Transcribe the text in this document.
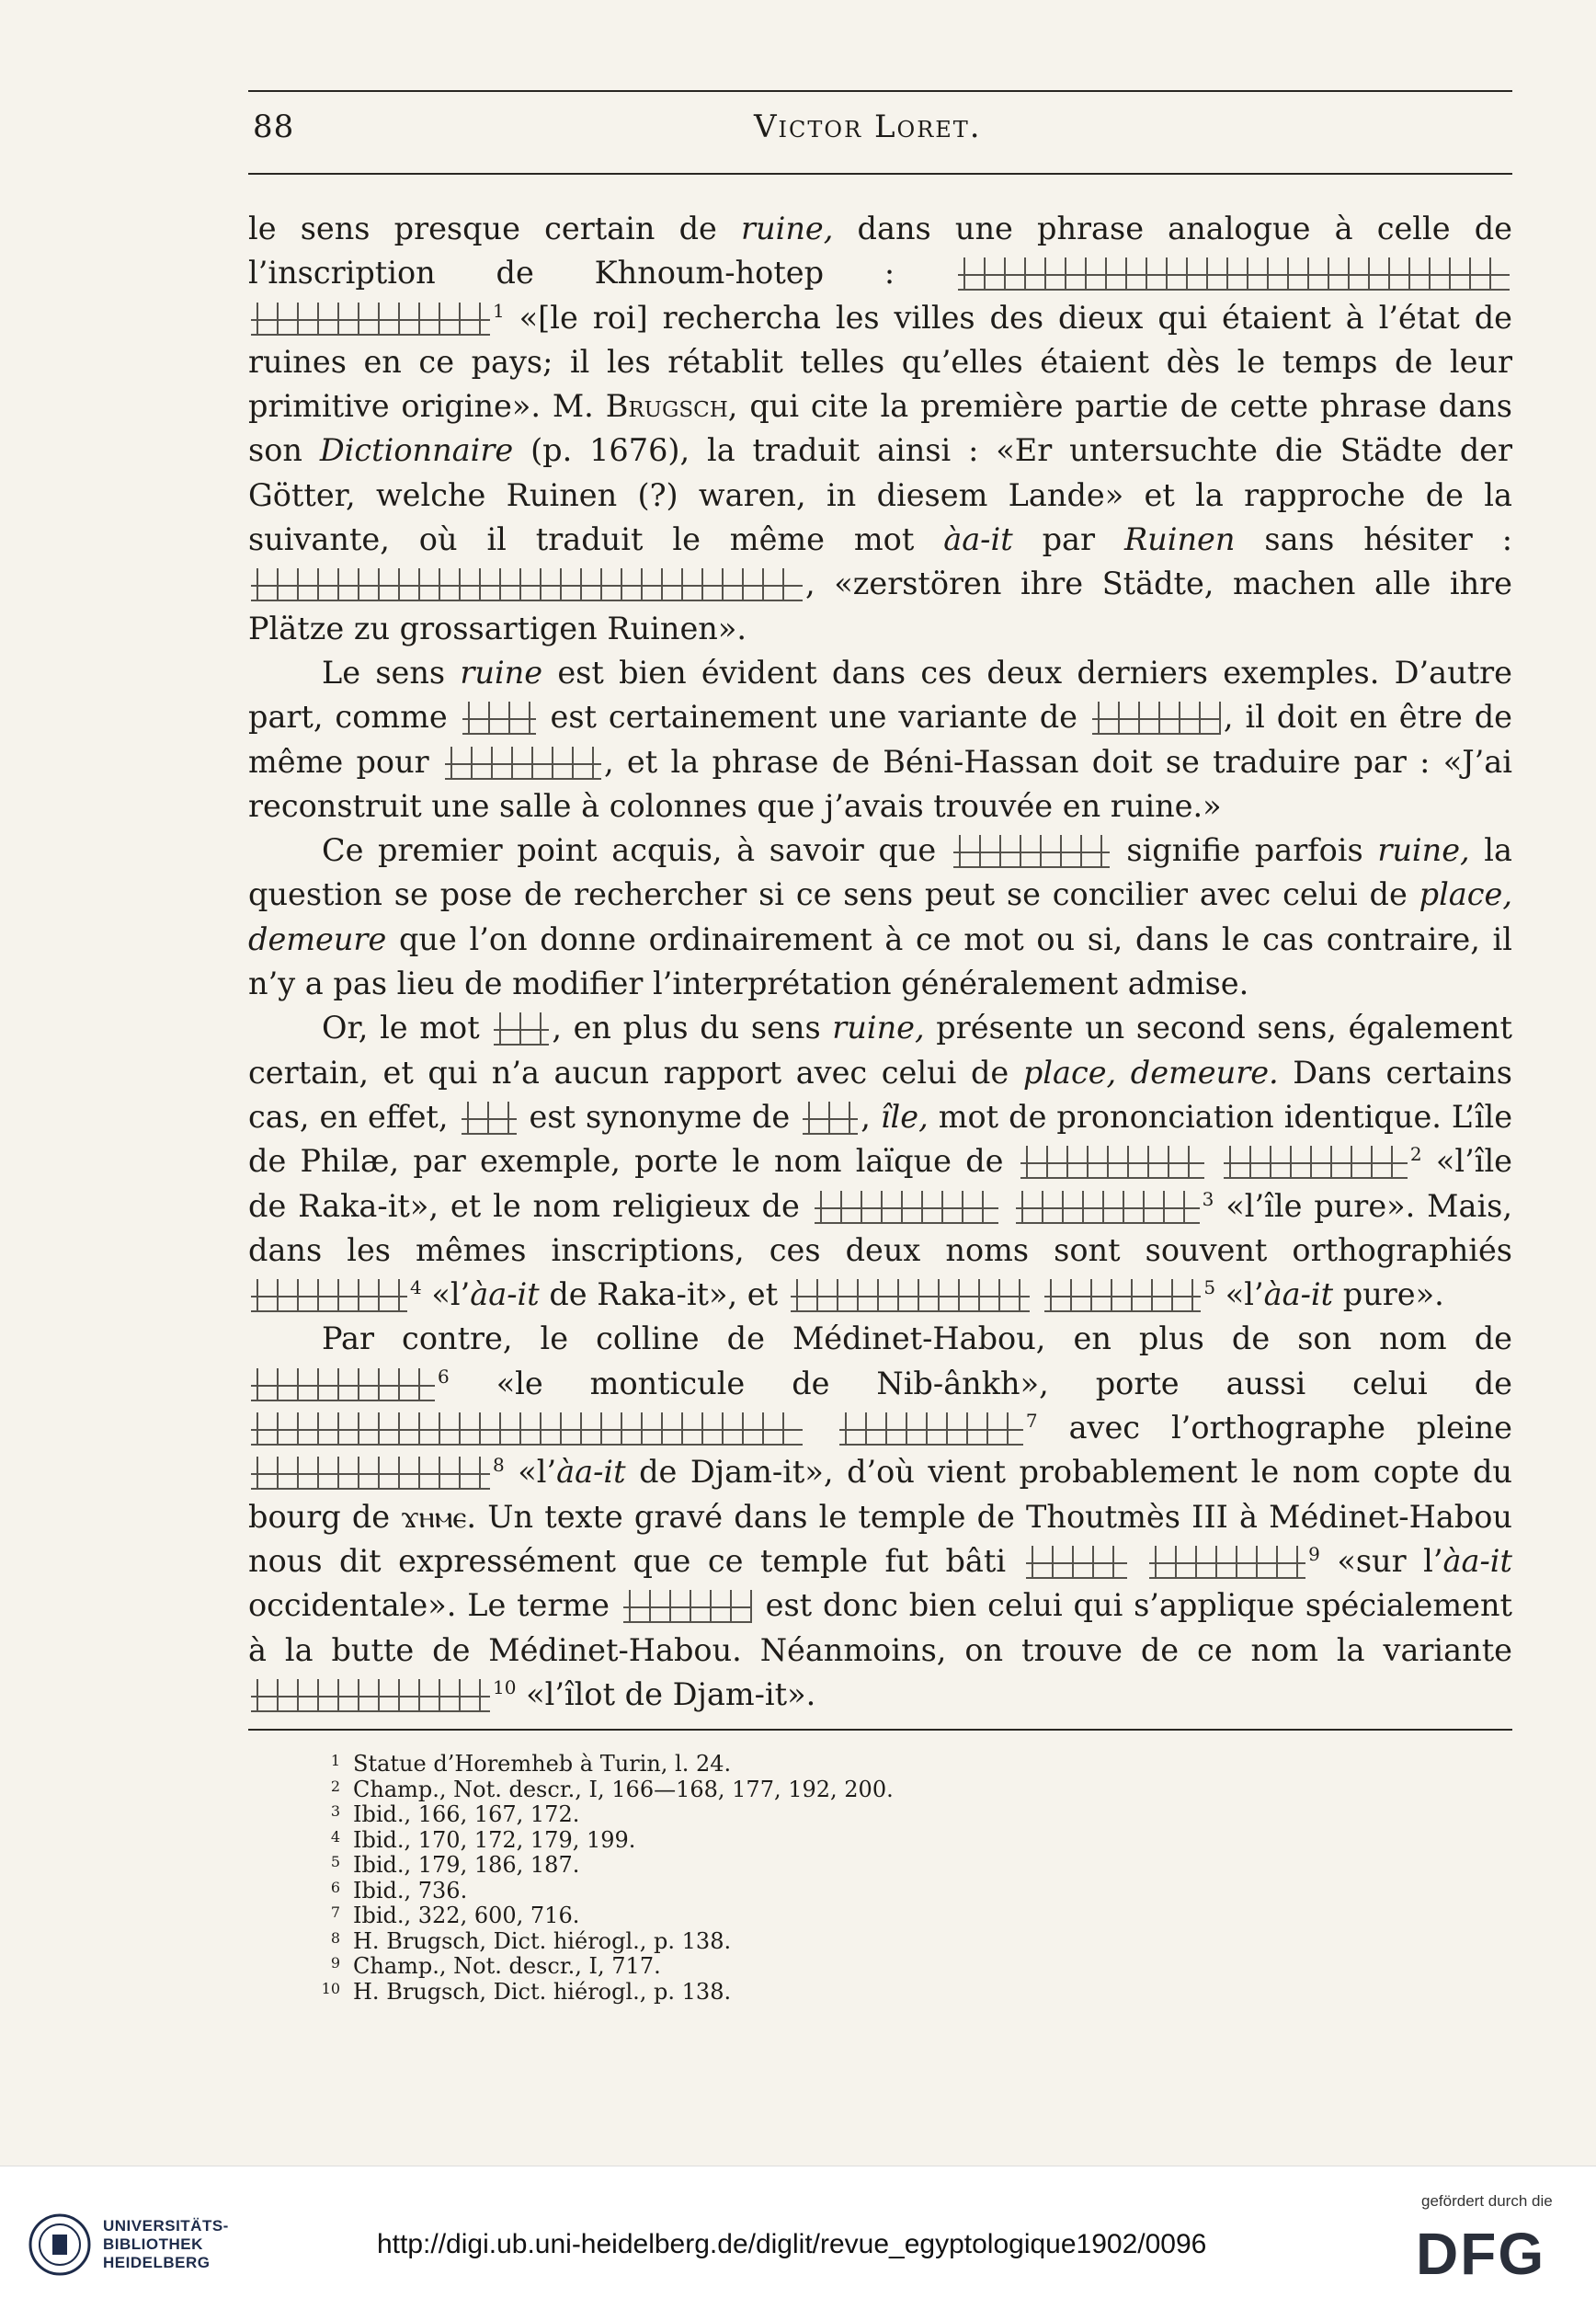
88	Victor Loret.

le sens presque certain de ruine, dans une phrase analogue à celle de l’inscription de Khnoum-hotep :  $^1$ «[le roi] rechercha les villes des dieux qui étaient à l’état de ruines en ce pays; il les rétablit telles qu’elles étaient dès le temps de leur primitive origine». M. Brugsch, qui cite la première partie de cette phrase dans son Dictionnaire (p. 1676), la traduit ainsi : «Er untersuchte die Städte der Götter, welche Ruinen (?) waren, in diesem Lande» et la rapproche de la suivante, où il traduit le même mot àa-it par Ruinen sans hésiter : , «zerstören ihre Städte, machen alle ihre Plätze zu grossartigen Ruinen».

Le sens ruine est bien évident dans ces deux derniers exemples. D’autre part, comme	est certainement une variante de	, il doit en être de même pour	, et la phrase de Béni-Hassan doit se traduire par : «J’ai reconstruit une salle à colonnes que j’avais trouvée en ruine.»

Ce premier point acquis, à savoir que	signifie parfois ruine, la question se pose de rechercher si ce sens peut se concilier avec celui de place, demeure que l’on donne ordinairement à ce mot ou si, dans le cas contraire, il n’y a pas lieu de modifier l’interprétation généralement admise.

Or, le mot , en plus du sens ruine, présente un second sens, également certain, et qui n’a aucun rapport avec celui de place, demeure. Dans certains cas, en effet,	est synonyme de , île, mot de prononciation identique. L’île de Philæ, par exemple, porte le nom laïque de	$^2$ «l’île de Raka-it», et le nom religieux de	$^3$ «l’île pure». Mais, dans les mêmes inscriptions, ces deux noms sont souvent orthographiés $^4$ «l’àa-it de Raka-it», et	$^5$ «l’àa-it pure».

Par contre, le colline de Médinet-Habou, en plus de son nom de $^6$ «le monticule de Nib-ânkh», porte aussi celui de  $^7$ avec l’orthographe pleine $^8$ «l’àa-it de Djam-it», d’où vient probablement le nom copte du bourg de ϫⲏⲙⲉ. Un texte gravé dans le temple de Thoutmès III à Médinet-Habou nous dit expressément que ce temple fut bâti	$^9$ «sur l’àa-it occidentale». Le terme	est donc bien celui qui s’applique spécialement à la butte de Médinet-Habou. Néanmoins, on trouve de ce nom la variante $^{10}$ «l’îlot de Djam-it».

1 Statue d’Horemheb à Turin, l. 24.
2 Champ., Not. descr., I, 166—168, 177, 192, 200.
3 Ibid., 166, 167, 172.
4 Ibid., 170, 172, 179, 199.
5 Ibid., 179, 186, 187.
6 Ibid., 736.
7 Ibid., 322, 600, 716.
8 H. Brugsch, Dict. hiérogl., p. 138.
9 Champ., Not. descr., I, 717.
10 H. Brugsch, Dict. hiérogl., p. 138.
UNIVERSITÄTS-
BIBLIOTHEK
HEIDELBERG
http://digi.ub.uni-heidelberg.de/diglit/revue_egyptologique1902/0096
gefördert durch die
DFG
